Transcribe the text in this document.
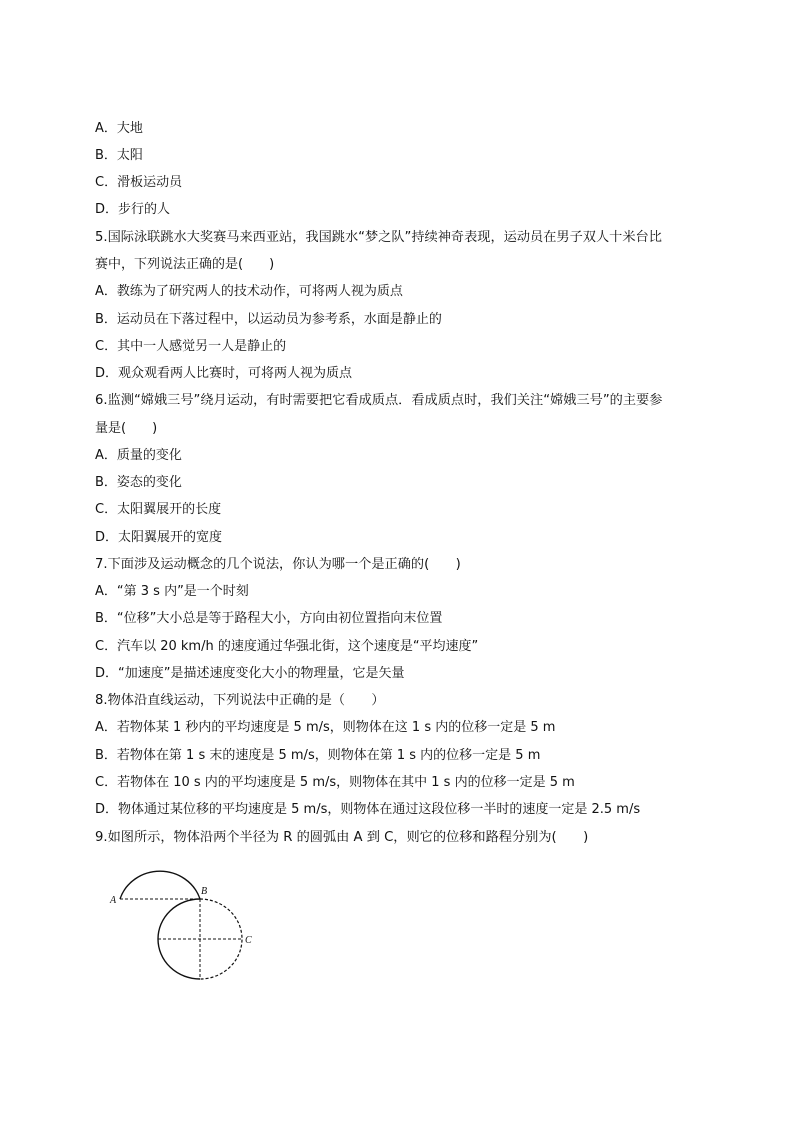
A．大地
B．太阳
C．滑板运动员
D．步行的人
5.国际泳联跳水大奖赛马来西亚站，我国跳水“梦之队”持续神奇表现，运动员在男子双人十米台比
赛中，下列说法正确的是(　　)
A．教练为了研究两人的技术动作，可将两人视为质点
B．运动员在下落过程中，以运动员为参考系，水面是静止的
C．其中一人感觉另一人是静止的
D．观众观看两人比赛时，可将两人视为质点
6.监测“嫦娥三号”绕月运动，有时需要把它看成质点．看成质点时，我们关注“嫦娥三号”的主要参
量是(　　)
A．质量的变化
B．姿态的变化
C．太阳翼展开的长度
D．太阳翼展开的宽度
7.下面涉及运动概念的几个说法，你认为哪一个是正确的(　　)
A．“第 3 s 内”是一个时刻
B．“位移”大小总是等于路程大小，方向由初位置指向末位置
C．汽车以 20 km/h 的速度通过华强北街，这个速度是“平均速度”
D．“加速度”是描述速度变化大小的物理量，它是矢量
8.物体沿直线运动，下列说法中正确的是（　　）
A．若物体某 1 秒内的平均速度是 5 m/s，则物体在这 1 s 内的位移一定是 5 m
B．若物体在第 1 s 末的速度是 5 m/s，则物体在第 1 s 内的位移一定是 5 m
C．若物体在 10 s 内的平均速度是 5 m/s，则物体在其中 1 s 内的位移一定是 5 m
D．物体通过某位移的平均速度是 5 m/s，则物体在通过这段位移一半时的速度一定是 2.5 m/s
9.如图所示，物体沿两个半径为 R 的圆弧由 A 到 C，则它的位移和路程分别为(　　)
A
B
C
